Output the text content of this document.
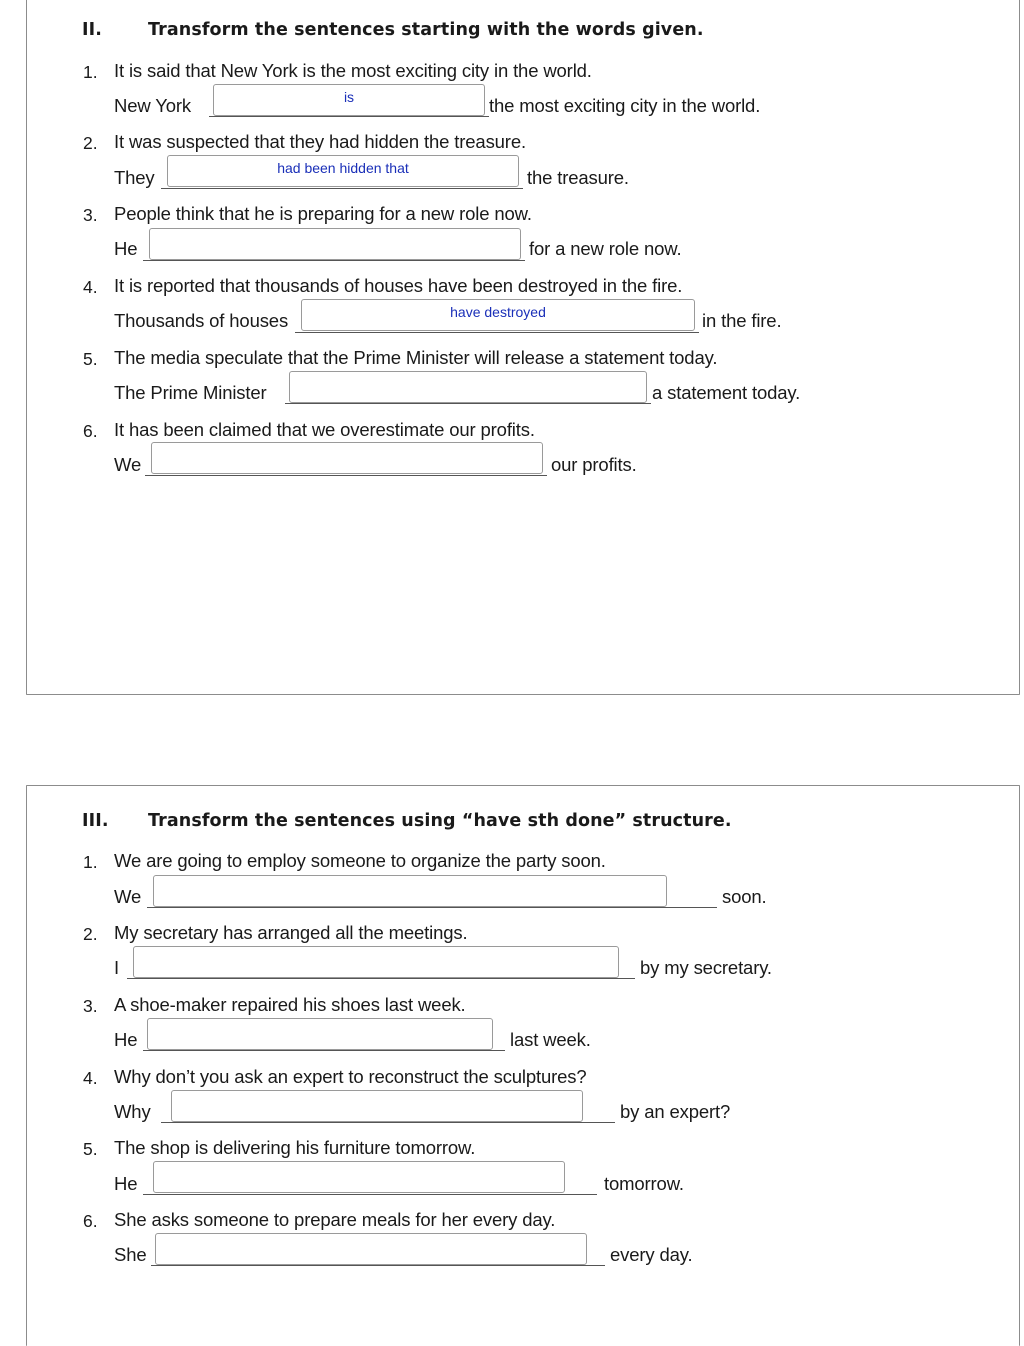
II.	Transform the sentences starting with the words given.
1. It is said that New York is the most exciting city in the world.
New York
is	the most exciting city in the world.
2. It was suspected that they had hidden the treasure.
They
had been hidden that	the treasure.
3. People think that he is preparing for a new role now.
He	for a new role now.
4. It is reported that thousands of houses have been destroyed in the fire.
Thousands of houses
have destroyed	in the fire.
5. The media speculate that the Prime Minister will release a statement today.
The Prime Minister	a statement today.
6. It has been claimed that we overestimate our profits.
We	our profits.
III. Transform the sentences using “have sth done” structure.
1. We are going to employ someone to organize the party soon.
We	soon.
2. My secretary has arranged all the meetings.
I	by my secretary.
3. A shoe-maker repaired his shoes last week.
He	last week.
4. Why don’t you ask an expert to reconstruct the sculptures?
Why	by an expert?
5. The shop is delivering his furniture tomorrow.
He	tomorrow.
6. She asks someone to prepare meals for her every day.
She	every day.
